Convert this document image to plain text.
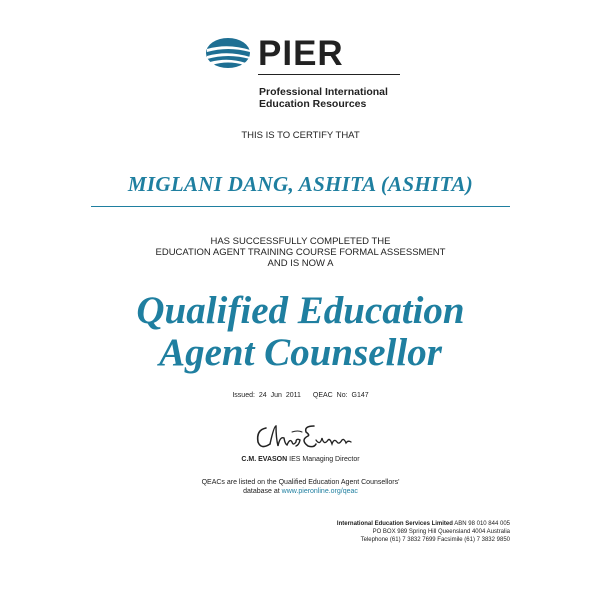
PIER
Professional International
Education Resources
THIS IS TO CERTIFY THAT
MIGLANI DANG, ASHITA (ASHITA)
HAS SUCCESSFULLY COMPLETED THE
EDUCATION AGENT TRAINING COURSE FORMAL ASSESSMENT
AND IS NOW A
Qualified Education
Agent Counsellor
Issued: 24 Jun 2011 QEAC No: G147
C.M. EVASON IES Managing Director
QEACs are listed on the Qualified Education Agent Counsellors'
database at www.pieronline.org/qeac
International Education Services Limited ABN 98 010 844 005
PO BOX 989 Spring Hill Queensland 4004 Australia
Telephone (61) 7 3832 7699 Facsimile (61) 7 3832 9850
